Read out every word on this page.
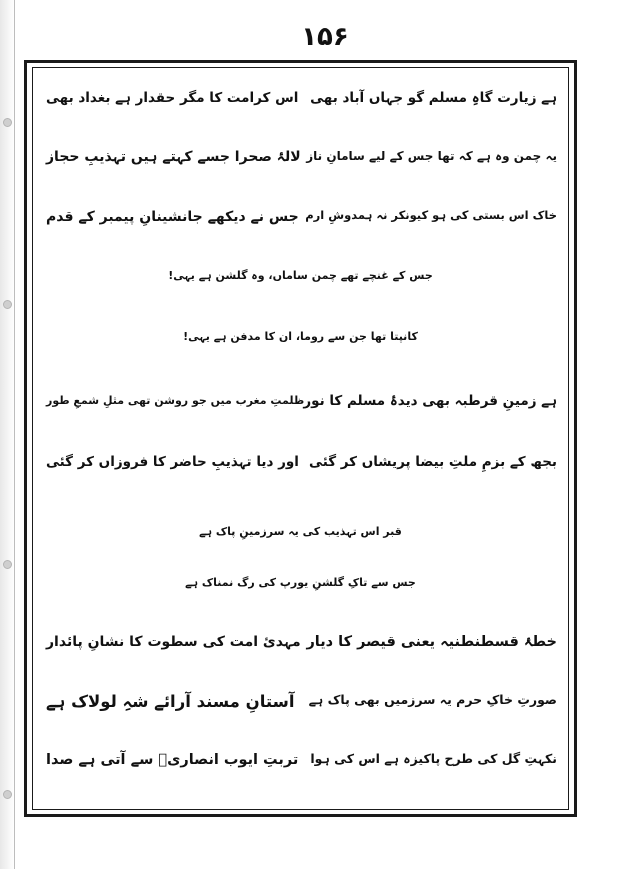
۱۵۶
ہے زیارت گاہِ مسلم گو جہاں آباد بھی
اس کرامت کا مگر حقدار ہے بغداد بھی
یہ چمن وہ ہے کہ تھا جس کے لیے سامانِ ناز
لالۂ صحرا جسے کہتے ہیں تہذیبِ حجاز
خاک اس بستی کی ہو کیونکر نہ ہمدوشِ ارم
جس نے دیکھے جانشینانِ پیمبر کے قدم
جس کے غنچے تھے چمن ساماں، وہ گلشن ہے یہی!
کانپتا تھا جن سے روما، ان کا مدفن ہے یہی!
ہے زمینِ قرطبہ بھی دیدۂ مسلم کا نور
ظلمتِ مغرب میں جو روشن تھی مثلِ شمعِ طور
بجھ کے بزمِ ملتِ بیضا پریشاں کر گئی
اور دیا تہذیبِ حاضر کا فروزاں کر گئی
قبر اس تہذیب کی یہ سرزمینِ پاک ہے
جس سے تاکِ گلشنِ یورپ کی رگ نمناک ہے
خطۂ قسطنطنیہ یعنی قیصر کا دیار
مہدئ امت کی سطوت کا نشانِ پائدار
صورتِ خاکِ حرم یہ سرزمیں بھی پاک ہے
آستانِ مسند آرائے شہِ لولاک ہے
نکہتِ گل کی طرح پاکیزہ ہے اس کی ہوا
تربتِ ایوب انصاریؓ سے آتی ہے صدا
